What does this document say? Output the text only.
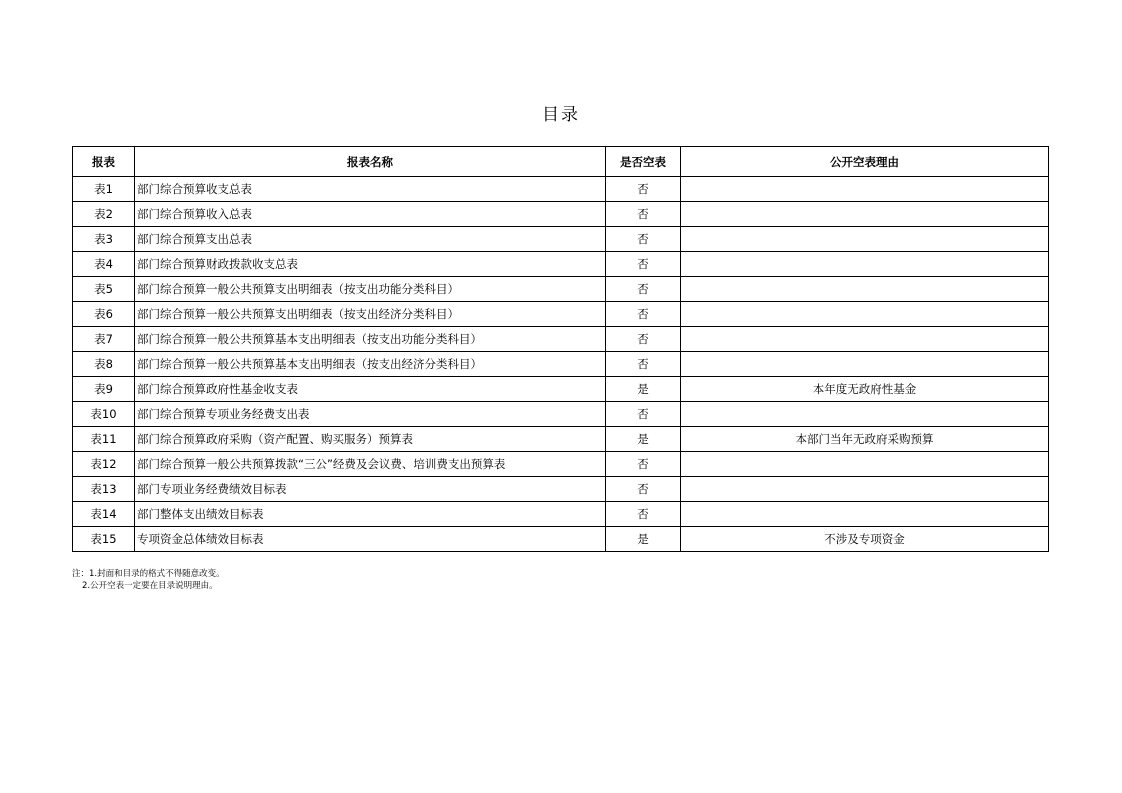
目录
报表	报表名称	是否空表	公开空表理由
表1	部门综合预算收支总表	否	
表2	部门综合预算收入总表	否	
表3	部门综合预算支出总表	否	
表4	部门综合预算财政拨款收支总表	否	
表5	部门综合预算一般公共预算支出明细表（按支出功能分类科目）	否	
表6	部门综合预算一般公共预算支出明细表（按支出经济分类科目）	否	
表7	部门综合预算一般公共预算基本支出明细表（按支出功能分类科目）	否	
表8	部门综合预算一般公共预算基本支出明细表（按支出经济分类科目）	否	
表9	部门综合预算政府性基金收支表	是	本年度无政府性基金
表10	部门综合预算专项业务经费支出表	否	
表11	部门综合预算政府采购（资产配置、购买服务）预算表	是	本部门当年无政府采购预算
表12	部门综合预算一般公共预算拨款“三公”经费及会议费、培训费支出预算表	否	
表13	部门专项业务经费绩效目标表	否	
表14	部门整体支出绩效目标表	否	
表15	专项资金总体绩效目标表	是	不涉及专项资金
注：1.封面和目录的格式不得随意改变。
2.公开空表一定要在目录说明理由。
